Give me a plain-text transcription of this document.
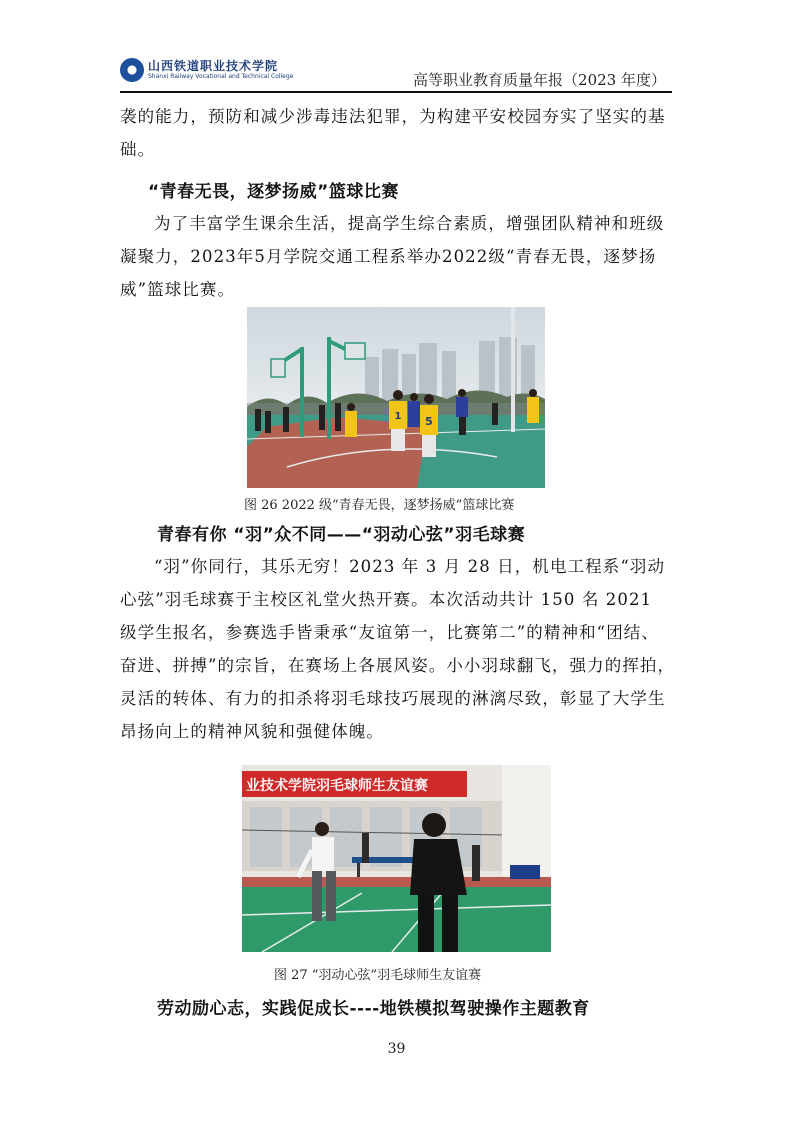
山西铁道职业技术学院
Shanxi Railway Vocational and Technical College	高等职业教育质量年报（2023 年度）
袭的能力，预防和减少涉毒违法犯罪，为构建平安校园夯实了坚实的基础。
“青春无畏，逐梦扬威”篮球比赛
为了丰富学生课余生活，提高学生综合素质，增强团队精神和班级凝聚力，2023年5月学院交通工程系举办2022级“青春无畏，逐梦扬威”篮球比赛。
1 5
图 26 2022 级“青春无畏，逐梦扬威”篮球比赛
青春有你 “羽”众不同——“羽动心弦”羽毛球赛
“羽”你同行，其乐无穷！2023 年 3 月 28 日，机电工程系“羽动心弦”羽毛球赛于主校区礼堂火热开赛。本次活动共计 150 名 2021 级学生报名，参赛选手皆秉承“友谊第一，比赛第二”的精神和“团结、奋进、拼搏”的宗旨，在赛场上各展风姿。小小羽球翻飞，强力的挥拍，灵活的转体、有力的扣杀将羽毛球技巧展现的淋漓尽致，彰显了大学生昂扬向上的精神风貌和强健体魄。
业技术学院羽毛球师生友谊赛
图 27 “羽动心弦”羽毛球师生友谊赛
劳动励心志，实践促成长----地铁模拟驾驶操作主题教育
39
